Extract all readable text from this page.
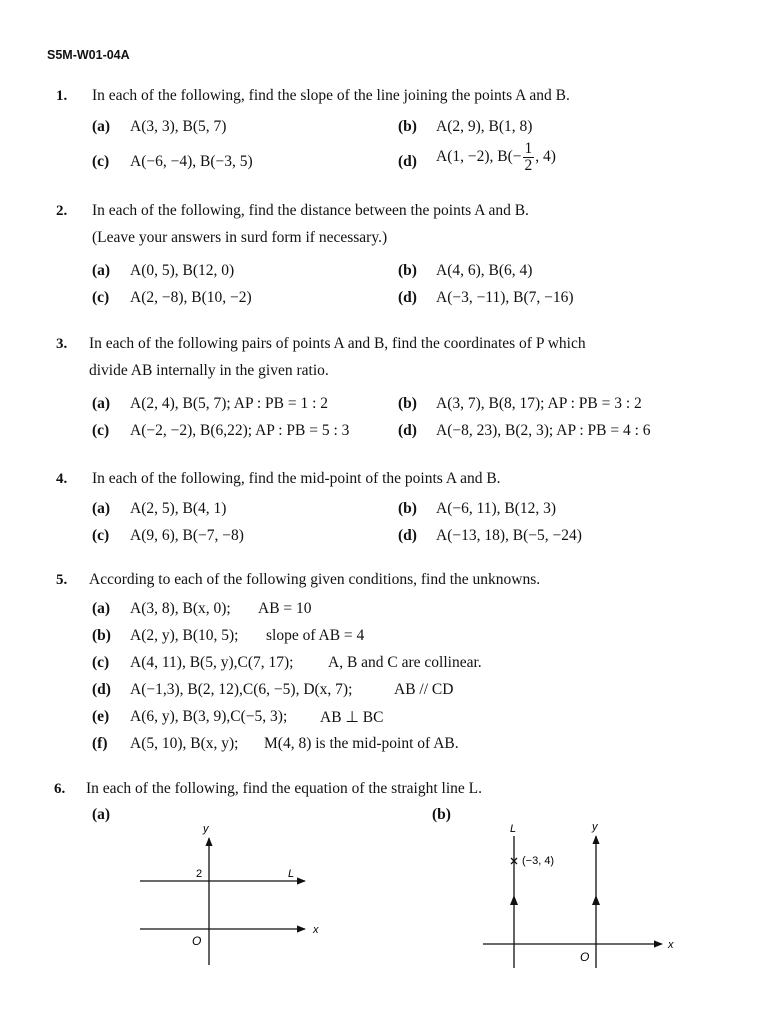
S5M-W01-04A
1. In each of the following, find the slope of the line joining the points A and B.
(a) A(3, 3), B(5, 7)	(b) A(2, 9), B(1, 8)
(c) A(−6, −4), B(−3, 5)	(d) A(1, −2), $B(- \frac{1}{2}$ , 4)
2. In each of the following, find the distance between the points A and B.
(Leave your answers in surd form if necessary.)
(a) A(0, 5), B(12, 0)	(b) A(4, 6), B(6, 4)
(c) A(2, −8), B(10, −2)	(d) A(−3, −11), B(7, −16)
3. In each of the following pairs of points A and B, find the coordinates of P which
divide AB internally in the given ratio.
(a) A(2, 4), B(5, 7); AP : PB = 1 : 2	(b) A(3, 7), B(8, 17); AP : PB = 3 : 2
(c) A(−2, −2), B(6,22); AP : PB = 5 : 3	(d) A(−8, 23), B(2, 3); AP : PB = 4 : 6
4. In each of the following, find the mid-point of the points A and B.
(a) A(2, 5), B(4, 1)	(b) A(−6, 11), B(12, 3)
(c) A(9, 6), B(−7, −8)	(d) A(−13, 18), B(−5, −24)
5. According to each of the following given conditions, find the unknowns.
(a) A(3, 8), B(x, 0); AB = 10
(b) A(2, y), B(10, 5); slope of AB = 4
(c) A(4, 11), B(5, y),C(7, 17); A, B and C are collinear.
(d) A(−1,3), B(2, 12),C(6, −5), D(x, 7);	AB // CD
(e) A(6, y), B(3, 9),C(−5, 3); AB ⊥ BC
(f) A(5, 10), B(x, y); M(4, 8) is the mid-point of AB.
6. In each of the following, find the equation of the straight line L.
(a)	(b)
y
x
O
2	L
L	y
(−3, 4)
x
O
